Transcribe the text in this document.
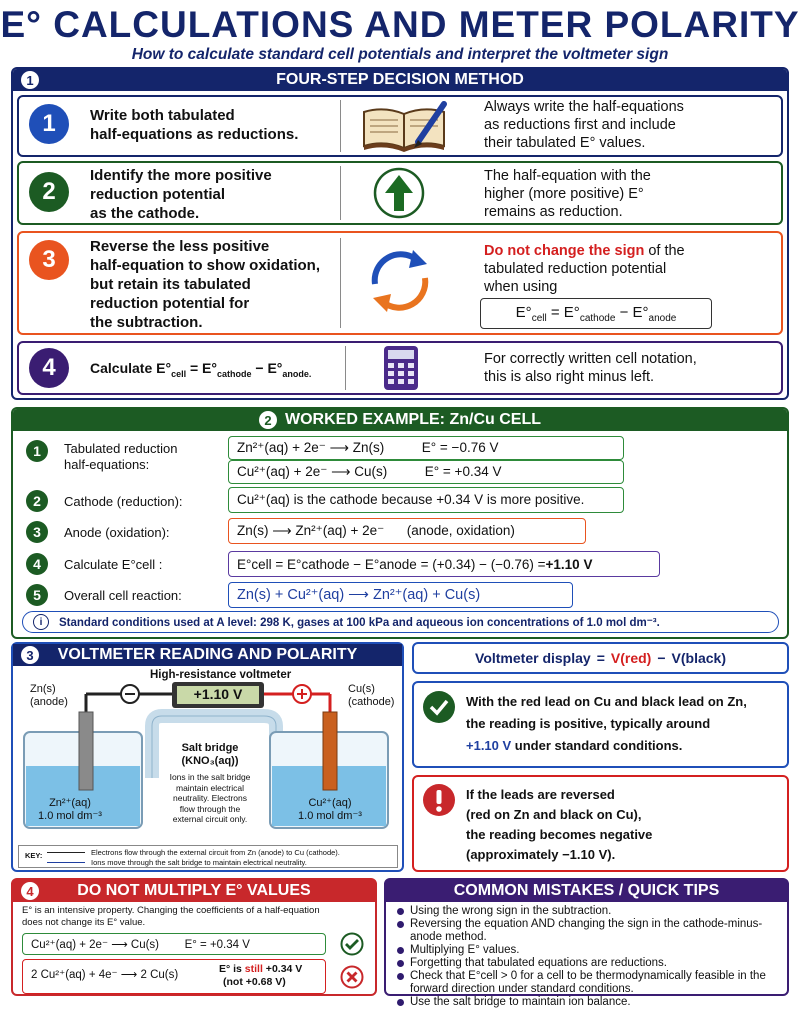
E° CALCULATIONS AND METER POLARITY
How to calculate standard cell potentials and interpret the voltmeter sign
1	FOUR-STEP DECISION METHOD
1	Write both tabulated
half-equations as reductions.
Always write the half-equations
as reductions first and include
their tabulated E° values.
2
Identify the more positive
reduction potential
as the cathode.
The half-equation with the
higher (more positive) E°
remains as reduction.
3	Reverse the less positive
half-equation to show oxidation,
but retain its tabulated
reduction potential for
the subtraction.
Do not change the sign of the
tabulated reduction potential
when using
$E^\circ_{cell} = E^\circ_{cathode} - E^\circ_{anode}$
4	Calculate $E^\circ_{cell} = E^\circ_{cathode} - E^\circ_{anode.}$
For correctly written cell notation,
this is also right minus left.
2 WORKED EXAMPLE: Zn/Cu CELL
1	Tabulated reduction
half-equations:
Zn²⁺(aq) + 2e⁻ ⟶ Zn(s)          E° = −0.76 V
Cu²⁺(aq) + 2e⁻ ⟶ Cu(s)          E° = +0.34 V
2	Cathode (reduction):	Cu²⁺(aq) is the cathode because +0.34 V is more positive.
3	Anode (oxidation):	Zn(s) ⟶ Zn²⁺(aq) + 2e⁻      (anode, oxidation)
4	Calculate E°cell :	E°cell = E°cathode − E°anode = (+0.34) − (−0.76) = +1.10 V
5	Overall cell reaction:	Zn(s) + Cu²⁺(aq) ⟶ Zn²⁺(aq) + Cu(s)
i	Standard conditions used at A level: 298 K, gases at 100 kPa and aqueous ion concentrations of 1.0 mol dm⁻³.
3	VOLTMETER READING AND POLARITY
High-resistance voltmeter
+1.10 V
Zn(s)
(anode)
Cu(s)
(cathode)
Salt bridge
(KNO₃(aq))
Ions in the salt bridge
maintain electrical
neutrality. Electrons
flow through the
external circuit only.
Zn²⁺(aq)
1.0 mol dm⁻³
Cu²⁺(aq)
1.0 mol dm⁻³
KEY:	Electrons flow through the external circuit from Zn (anode) to Cu (cathode).
Ions move through the salt bridge to maintain electrical neutrality.
Voltmeter display = V(red) − V(black)
With the red lead on Cu and black lead on Zn,
the reading is positive, typically around
+1.10 V under standard conditions.
If the leads are reversed
(red on Zn and black on Cu),
the reading becomes negative
(approximately −1.10 V).
4	DO NOT MULTIPLY E° VALUES
E° is an intensive property. Changing the coefficients of a half-equation
does not change its E° value.
Cu²⁺(aq) + 2e⁻ ⟶ Cu(s)        E° = +0.34 V
2 Cu²⁺(aq) + 4e⁻ ⟶ 2 Cu(s)	E° is still +0.34 V
(not +0.68 V)
COMMON MISTAKES / QUICK TIPS
Using the wrong sign in the subtraction.
Reversing the equation AND changing the sign in the cathode-minus-anode method.
Multiplying E° values.
Forgetting that tabulated equations are reductions.
Check that E°cell > 0 for a cell to be thermodynamically feasible in the forward direction under standard conditions.
Use the salt bridge to maintain ion balance.
